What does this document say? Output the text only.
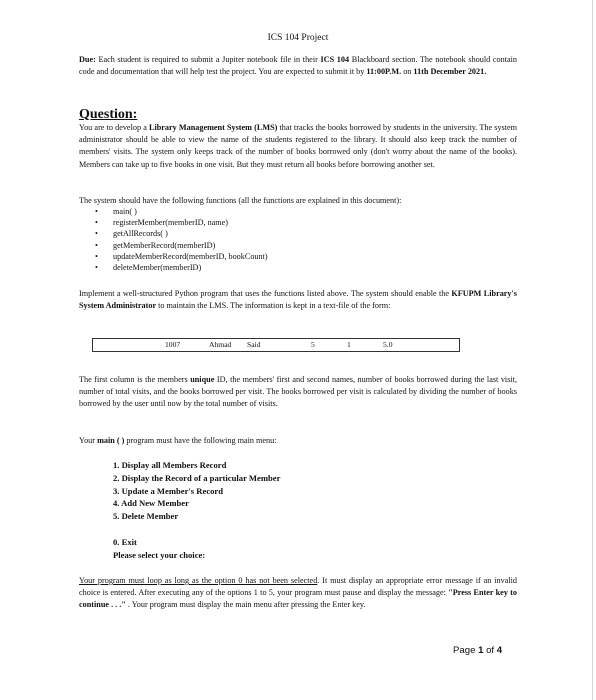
ICS 104 Project
Due: Each student is required to submit a Jupiter notebook file in their ICS 104 Blackboard section. The notebook should contain code and documentation that will help test the project. You are expected to submit it by 11:00P.M. on 11th December 2021.
Question:
You are to develop a Library Management System (LMS) that tracks the books borrowed by students in the university. The system administrator should be able to view the name of the students registered to the library. It should also keep track the number of members' visits. The system only keeps track of the number of books borrowed only (don't worry about the name of the books). Members can take up to five books in one visit. But they must return all books before borrowing another set.
The system should have the following functions (all the functions are explained in this document):
• main( )
• registerMember(memberID, name)
• getAllRecords( )
• getMemberRecord(memberID)
• updateMemberRecord(memberID, bookCount)
• deleteMember(memberID)
Implement a well-structured Python program that uses the functions listed above. The system should enable the KFUPM Library's System Administrator to maintain the LMS. The information is kept in a text-file of the form:
1007	Ahmad Said	5	1	5.0
The first column is the members unique ID, the members' first and second names, number of books borrowed during the last visit, number of total visits, and the books borrowed per visit. The books borrowed per visit is calculated by dividing the number of books borrowed by the user until now by the total number of visits.
Your main ( ) program must have the following main menu:
1. Display all Members Record
2. Display the Record of a particular Member
3. Update a Member's Record
4. Add New Member
5. Delete Member
0. Exit
Please select your choice:
Your program must loop as long as the option 0 has not been selected. It must display an appropriate error message if an invalid choice is entered. After executing any of the options 1 to 5, your program must pause and display the message: "Press Enter key to continue . . ." . Your program must display the main menu after pressing the Enter key.
Page 1 of 4
